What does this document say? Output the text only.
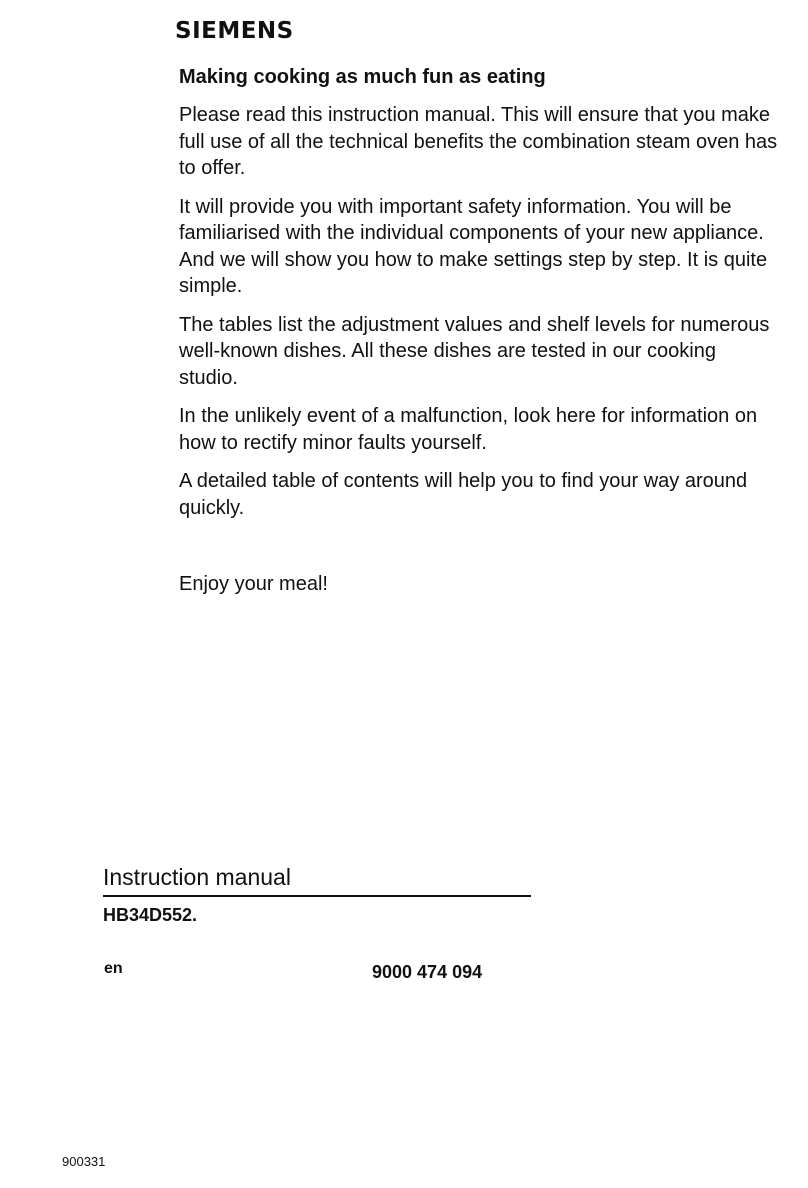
SIEMENS
Making cooking as much fun as eating

Please read this instruction manual. This will ensure that you make full use of all the technical benefits the combination steam oven has to offer.

It will provide you with important safety information. You will be familiarised with the individual components of your new appliance. And we will show you how to make settings step by step. It is quite simple.

The tables list the adjustment values and shelf levels for numerous well-known dishes. All these dishes are tested in our cooking studio.

In the unlikely event of a malfunction, look here for information on how to rectify minor faults yourself.

A detailed table of contents will help you to find your way around quickly.

Enjoy your meal!

Instruction manual
HB34D552.
en	9000 474 094
900331
